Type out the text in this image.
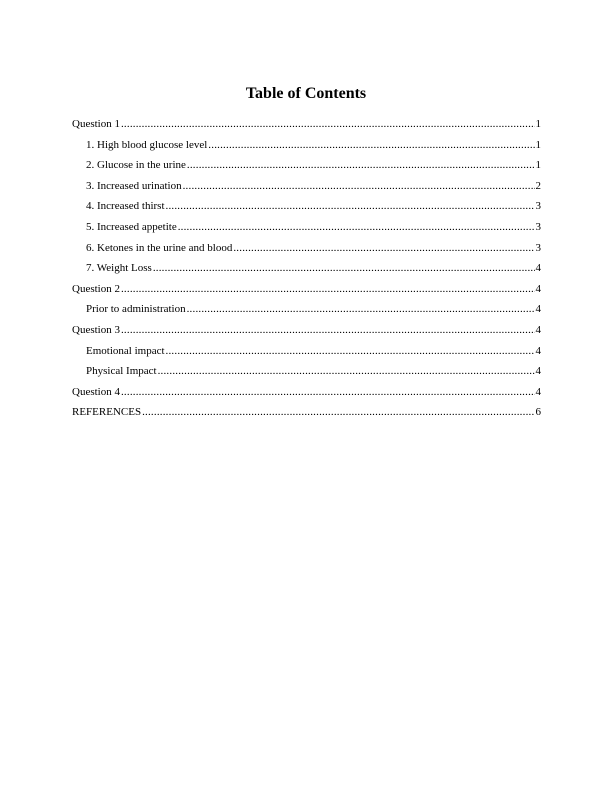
Table of Contents
Question 1 .....	1
1. High blood glucose level .....	1
2. Glucose in the urine .....	1
3. Increased urination .....	2
4. Increased thirst .....	3
5. Increased appetite .....	3
6. Ketones in the urine and blood .....	3
7. Weight Loss .....	4
Question 2 .....	4
Prior to administration .....	4
Question 3 .....	4
Emotional impact .....	4
Physical Impact .....	4
Question 4 .....	4
REFERENCES .....	6
